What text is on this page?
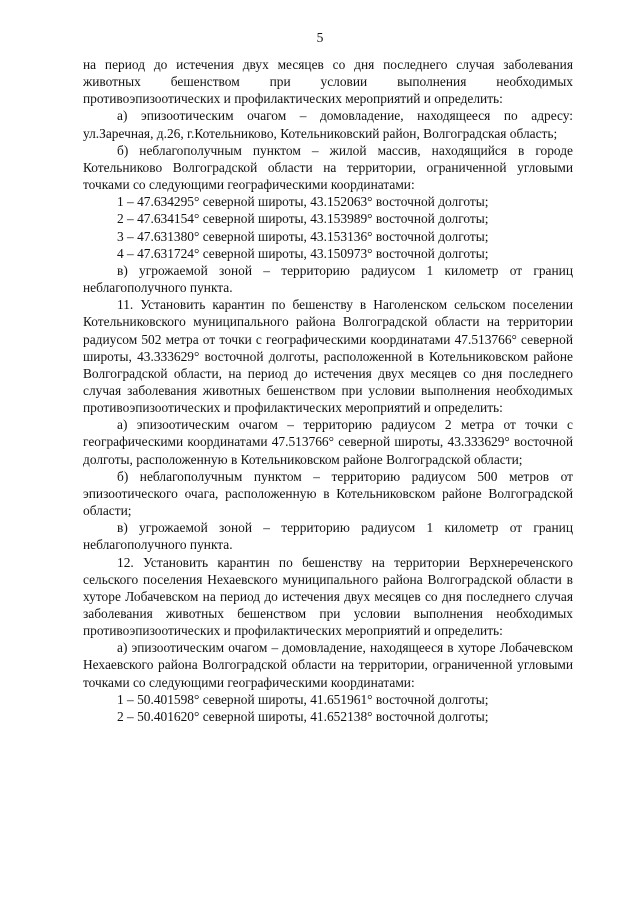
5

на период до истечения двух месяцев со дня последнего случая заболевания животных бешенством при условии выполнения необходимых противоэпизоотических и профилактических мероприятий и определить:

а) эпизоотическим очагом – домовладение, находящееся по адресу: ул.Заречная, д.26, г.Котельниково, Котельниковский район, Волгоградская область;

б) неблагополучным пунктом – жилой массив, находящийся в городе Котельниково Волгоградской области на территории, ограниченной угловыми точками со следующими географическими координатами:

1 – 47.634295° северной широты, 43.152063° восточной долготы;

2 – 47.634154° северной широты, 43.153989° восточной долготы;

3 – 47.631380° северной широты, 43.153136° восточной долготы;

4 – 47.631724° северной широты, 43.150973° восточной долготы;

в) угрожаемой зоной – территорию радиусом 1 километр от границ неблагополучного пункта.

11. Установить карантин по бешенству в Наголенском сельском поселении Котельниковского муниципального района Волгоградской области на территории радиусом 502 метра от точки с географическими координатами 47.513766° северной широты, 43.333629° восточной долготы, расположенной в Котельниковском районе Волгоградской области, на период до истечения двух месяцев со дня последнего случая заболевания животных бешенством при условии выполнения необходимых противоэпизоотических и профилактических мероприятий и определить:

а) эпизоотическим очагом – территорию радиусом 2 метра от точки с географическими координатами 47.513766° северной широты, 43.333629° восточной долготы, расположенную в Котельниковском районе Волгоградской области;

б) неблагополучным пунктом – территорию радиусом 500 метров от эпизоотического очага, расположенную в Котельниковском районе Волгоградской области;

в) угрожаемой зоной – территорию радиусом 1 километр от границ неблагополучного пункта.

12. Установить карантин по бешенству на территории Верхнереченского сельского поселения Нехаевского муниципального района Волгоградской области в хуторе Лобачевском на период до истечения двух месяцев со дня последнего случая заболевания животных бешенством при условии выполнения необходимых противоэпизоотических и профилактических мероприятий и определить:

а) эпизоотическим очагом – домовладение, находящееся в хуторе Лобачевском Нехаевского района Волгоградской области на территории, ограниченной угловыми точками со следующими географическими координатами:

1 – 50.401598° северной широты, 41.651961° восточной долготы;

2 – 50.401620° северной широты, 41.652138° восточной долготы;
